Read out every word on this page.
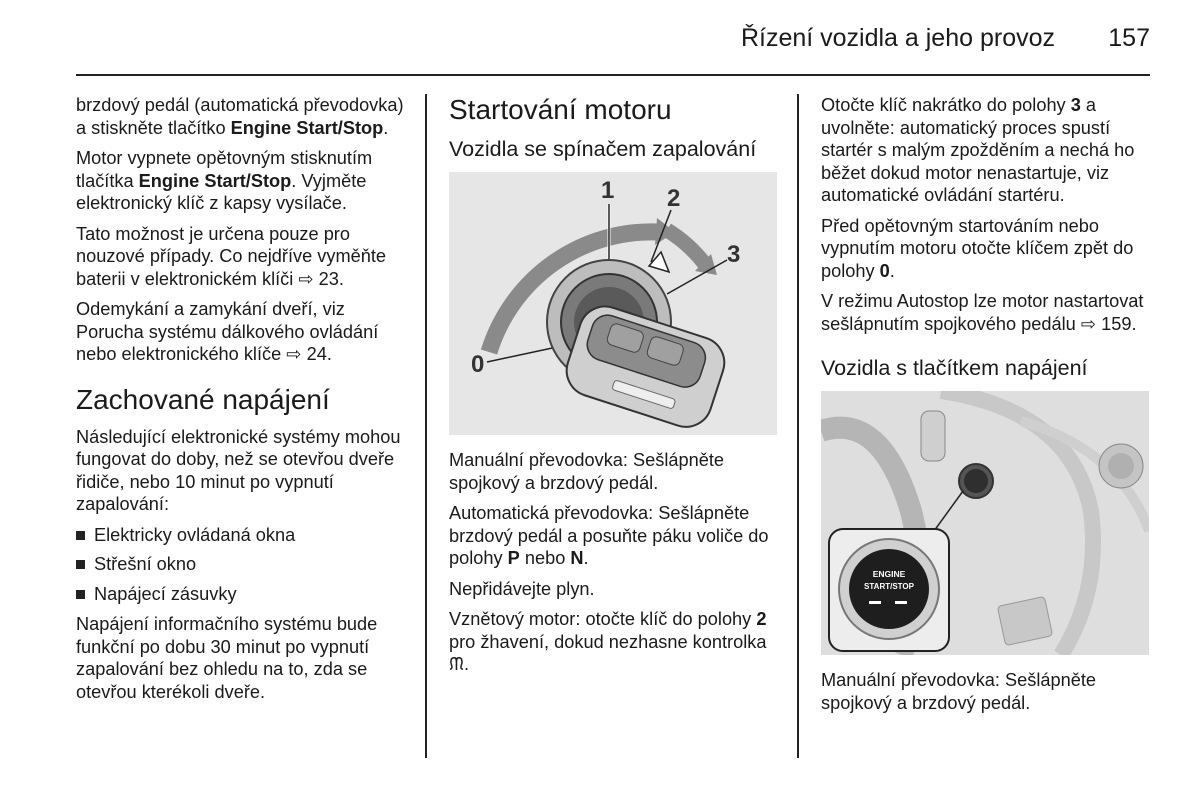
Řízení vozidla a jeho provoz 157

brzdový pedál (automatická převodovka) a stiskněte tlačítko Engine Start/Stop.

Motor vypnete opětovným stisknutím tlačítka Engine Start/Stop. Vyjměte elektronický klíč z kapsy vysílače.

Tato možnost je určena pouze pro nouzové případy. Co nejdříve vyměňte baterii v elektronickém klíči ⇨ 23.

Odemykání a zamykání dveří, viz Porucha systému dálkového ovládání nebo elektronického klíče ⇨ 24.

Zachované napájení

Následující elektronické systémy mohou fungovat do doby, než se otevřou dveře řidiče, nebo 10 minut po vypnutí zapalování:

Elektricky ovládaná okna
Střešní okno
Napájecí zásuvky

Napájení informačního systému bude funkční po dobu 30 minut po vypnutí zapalování bez ohledu na to, zda se otevřou kterékoli dveře.

Startování motoru
Vozidla se spínačem zapalování
1 2
3
0

Manuální převodovka: Sešlápněte spojkový a brzdový pedál.

Automatická převodovka: Sešlápněte brzdový pedál a posuňte páku voliče do polohy P nebo N.

Nepřidávejte plyn.

Vznětový motor: otočte klíč do polohy 2 pro žhavení, dokud nezhasne kontrolka ᙏ.

Otočte klíč nakrátko do polohy 3 a uvolněte: automatický proces spustí startér s malým zpožděním a nechá ho běžet dokud motor nenastartuje, viz automatické ovládání startéru.

Před opětovným startováním nebo vypnutím motoru otočte klíčem zpět do polohy 0.

V režimu Autostop lze motor nastartovat sešlápnutím spojkového pedálu ⇨ 159.

Vozidla s tlačítkem napájení
ENGINE
START/STOP

Manuální převodovka: Sešlápněte spojkový a brzdový pedál.
